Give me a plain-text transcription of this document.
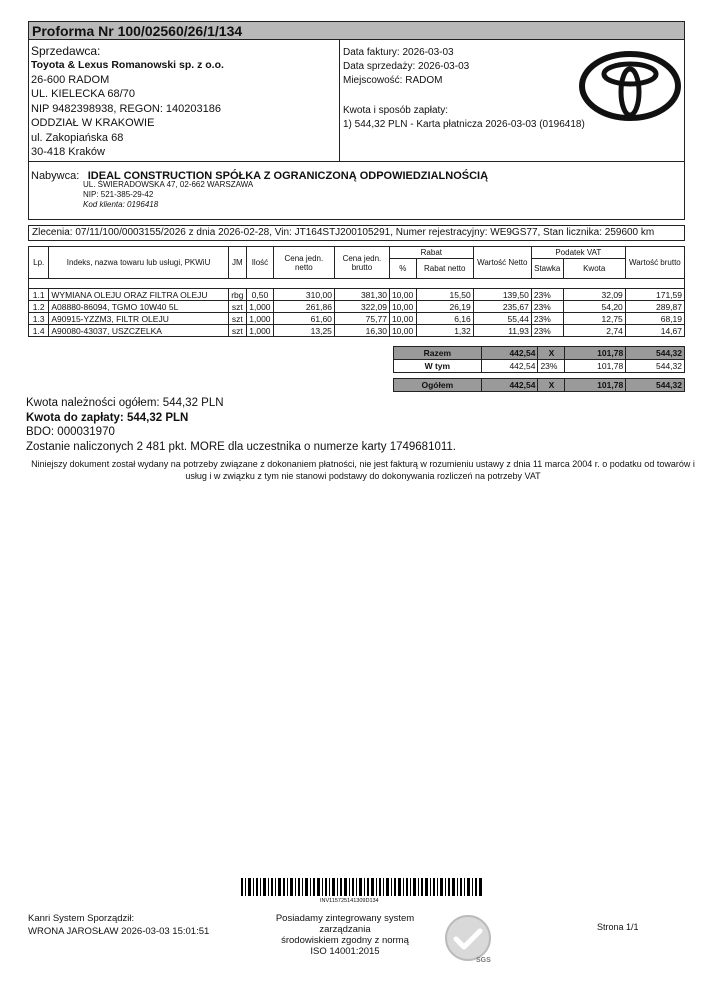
Proforma Nr 100/02560/26/1/134
Sprzedawca:
Toyota & Lexus Romanowski sp. z o.o.
26-600 RADOM
UL. KIELECKA 68/70
NIP 9482398938, REGON: 140203186
ODDZIAŁ W KRAKOWIE
ul. Zakopiańska 68
30-418 Kraków
Data faktury: 2026-03-03
Data sprzedaży: 2026-03-03
Miejscowość: RADOM
Kwota i sposób zapłaty:
1) 544,32 PLN - Karta płatnicza 2026-03-03 (0196418)
Nabywca: IDEAL CONSTRUCTION SPÓŁKA Z OGRANICZONĄ ODPOWIEDZIALNOŚCIĄ
UL. ŚWIERADOWSKA 47, 02-662 WARSZAWA
NIP: 521-385-29-42
Kod klienta: 0196418
Zlecenia: 07/11/100/0003155/2026 z dnia 2026-02-28, Vin: JT164STJ200105291, Numer rejestracyjny: WE9GS77, Stan licznika: 259600 km
Lp.	Indeks, nazwa towaru lub usługi, PKWiU	JM	Ilość	Cena jedn. netto	Cena jedn. brutto	Rabat		Wartość Netto	Podatek VAT		Wartość brutto
						%	Rabat netto		Stawka	Kwota	

1.1	WYMIANA OLEJU ORAZ FILTRA OLEJU	rbg	0,50	310,00	381,30	10,00	15,50	139,50	23%	32,09	171,59
1.2	A08880-86094, TGMO 10W40 5L	szt	1,000	261,86	322,09	10,00	26,19	235,67	23%	54,20	289,87
1.3	A90915-YZZM3, FILTR OLEJU	szt	1,000	61,60	75,77	10,00	6,16	55,44	23%	12,75	68,19
1.4	A90080-43037, USZCZELKA	szt	1,000	13,25	16,30	10,00	1,32	11,93	23%	2,74	14,67
Razem	442,54	X	101,78	544,32
W tym	442,54	23%	101,78	544,32

Ogółem	442,54	X	101,78	544,32
Kwota należności ogółem: 544,32 PLN
Kwota do zapłaty: 544,32 PLN
BDO: 000031970
Zostanie naliczonych 2 481 pkt. MORE dla uczestnika o numerze karty 1749681011.
Niniejszy dokument został wydany na potrzeby związane z dokonaniem płatności, nie jest fakturą w rozumieniu ustawy z dnia 11 marca 2004 r. o podatku od towarów i usług i w związku z tym nie stanowi podstawy do dokonywania rozliczeń na potrzeby VAT
INV115725141309D134
Kanri System Sporządził:
WRONA JAROSŁAW 2026-03-03 15:01:51
Posiadamy zintegrowany system zarządzania
środowiskiem zgodny z normą
ISO 14001:2015
SGS
Strona 1/1
